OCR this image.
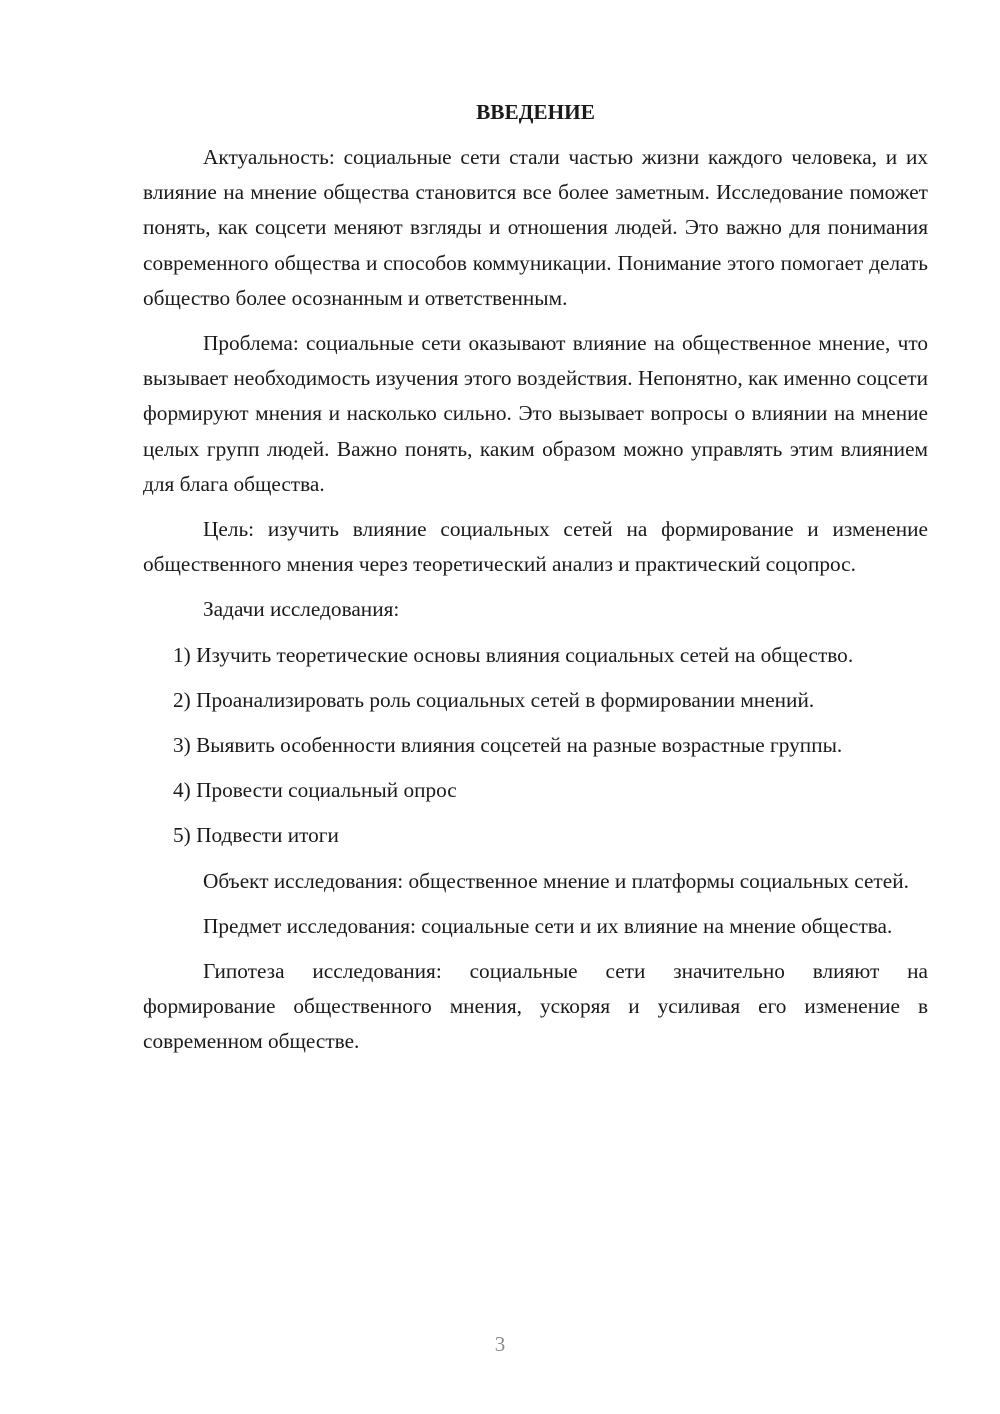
ВВЕДЕНИЕ

Актуальность: социальные сети стали частью жизни каждого человека, и их влияние на мнение общества становится все более заметным. Исследование поможет понять, как соцсети меняют взгляды и отношения людей. Это важно для понимания современного общества и способов коммуникации. Понимание этого помогает делать общество более осознанным и ответственным.

Проблема: социальные сети оказывают влияние на общественное мнение, что вызывает необходимость изучения этого воздействия. Непонятно, как именно соцсети формируют мнения и насколько сильно. Это вызывает вопросы о влиянии на мнение целых групп людей. Важно понять, каким образом можно управлять этим влиянием для блага общества.

Цель: изучить влияние социальных сетей на формирование и изменение общественного мнения через теоретический анализ и практический соцопрос.

Задачи исследования:

1) Изучить теоретические основы влияния социальных сетей на общество.

2) Проанализировать роль социальных сетей в формировании мнений.

3) Выявить особенности влияния соцсетей на разные возрастные группы.

4) Провести социальный опрос

5) Подвести итоги

Объект исследования: общественное мнение и платформы социальных сетей.

Предмет исследования: социальные сети и их влияние на мнение общества.

Гипотеза исследования: социальные сети значительно влияют на формирование общественного мнения, ускоряя и усиливая его изменение в современном обществе.

3
